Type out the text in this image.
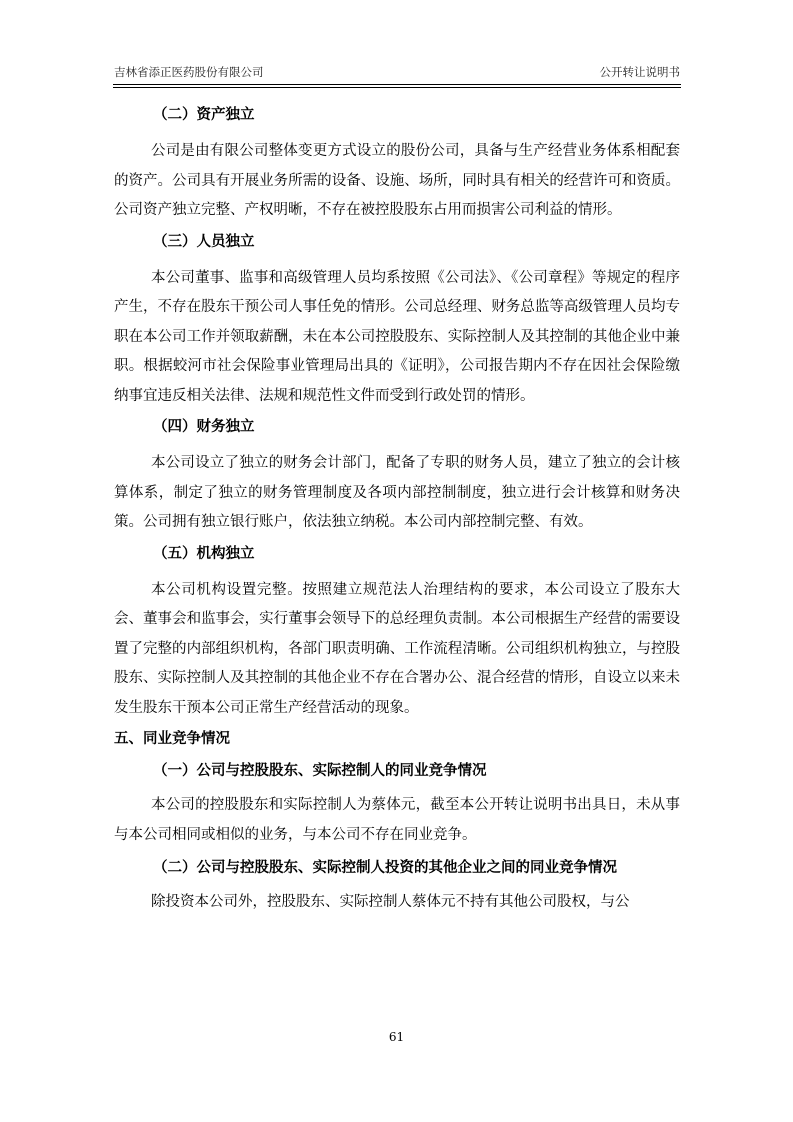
吉林省添正医药股份有限公司	公开转让说明书
（二）资产独立

公司是由有限公司整体变更方式设立的股份公司，具备与生产经营业务体系相配套的资产。公司具有开展业务所需的设备、设施、场所，同时具有相关的经营许可和资质。公司资产独立完整、产权明晰，不存在被控股股东占用而损害公司利益的情形。

（三）人员独立

本公司董事、监事和高级管理人员均系按照《公司法》、《公司章程》等规定的程序产生，不存在股东干预公司人事任免的情形。公司总经理、财务总监等高级管理人员均专职在本公司工作并领取薪酬，未在本公司控股股东、实际控制人及其控制的其他企业中兼职。根据蛟河市社会保险事业管理局出具的《证明》，公司报告期内不存在因社会保险缴纳事宜违反相关法律、法规和规范性文件而受到行政处罚的情形。

（四）财务独立

本公司设立了独立的财务会计部门，配备了专职的财务人员，建立了独立的会计核算体系，制定了独立的财务管理制度及各项内部控制制度，独立进行会计核算和财务决策。公司拥有独立银行账户，依法独立纳税。本公司内部控制完整、有效。

（五）机构独立

本公司机构设置完整。按照建立规范法人治理结构的要求，本公司设立了股东大会、董事会和监事会，实行董事会领导下的总经理负责制。本公司根据生产经营的需要设置了完整的内部组织机构，各部门职责明确、工作流程清晰。公司组织机构独立，与控股股东、实际控制人及其控制的其他企业不存在合署办公、混合经营的情形，自设立以来未发生股东干预本公司正常生产经营活动的现象。

五、同业竞争情况
（一）公司与控股股东、实际控制人的同业竞争情况

本公司的控股股东和实际控制人为蔡体元，截至本公开转让说明书出具日，未从事与本公司相同或相似的业务，与本公司不存在同业竞争。

（二）公司与控股股东、实际控制人投资的其他企业之间的同业竞争情况

除投资本公司外，控股股东、实际控制人蔡体元不持有其他公司股权，与公

61
